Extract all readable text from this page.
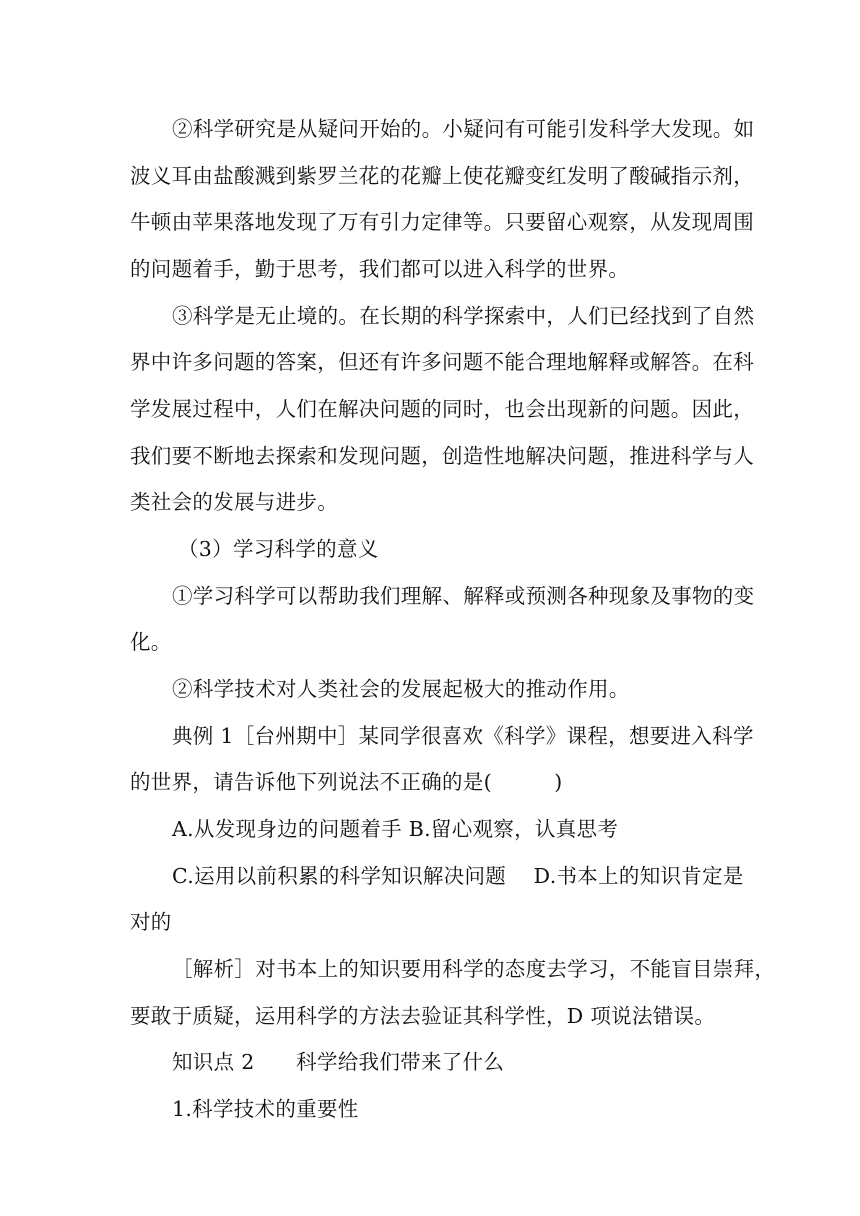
②科学研究是从疑问开始的。小疑问有可能引发科学大发现。如
波义耳由盐酸溅到紫罗兰花的花瓣上使花瓣变红发明了酸碱指示剂，
牛顿由苹果落地发现了万有引力定律等。只要留心观察，从发现周围
的问题着手，勤于思考，我们都可以进入科学的世界。
③科学是无止境的。在长期的科学探索中，人们已经找到了自然
界中许多问题的答案，但还有许多问题不能合理地解释或解答。在科
学发展过程中，人们在解决问题的同时，也会出现新的问题。因此，
我们要不断地去探索和发现问题，创造性地解决问题，推进科学与人
类社会的发展与进步。
（3）学习科学的意义
①学习科学可以帮助我们理解、解释或预测各种现象及事物的变
化。
②科学技术对人类社会的发展起极大的推动作用。
典例 1［台州期中］某同学很喜欢《科学》课程，想要进入科学
的世界，请告诉他下列说法不正确的是(　　　)
A.从发现身边的问题着手 B.留心观察，认真思考
C.运用以前积累的科学知识解决问题　 D.书本上的知识肯定是
对的
［解析］对书本上的知识要用科学的态度去学习，不能盲目崇拜，
要敢于质疑，运用科学的方法去验证其科学性，D 项说法错误。
知识点 2　　科学给我们带来了什么
1.科学技术的重要性
